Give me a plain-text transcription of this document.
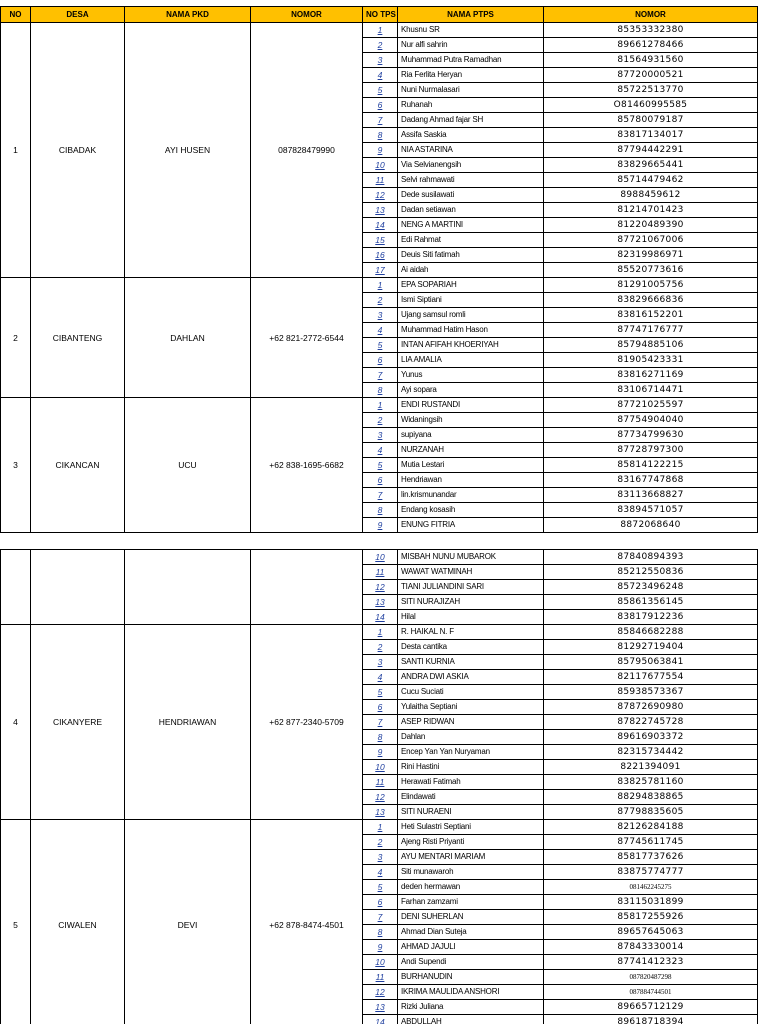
NO	DESA	NAMA PKD	NOMOR	NO TPS	NAMA PTPS	NOMOR
1	CIBADAK	AYI HUSEN	087828479990	1	Khusnu SR	85353332380
				2	Nur alfi sahrin	89661278466
				3	Muhammad Putra Ramadhan	81564931560
				4	Ria Ferlita Heryan	87720000521
				5	Nuni Nurmalasari	85722513770
				6	Ruhanah	O81460995585
				7	Dadang Ahmad fajar SH	85780079187
				8	Assifa Saskia	83817134017
				9	NIA ASTARINA	87794442291
				10	Via Selvianengsih	83829665441
				11	Selvi rahmawati	85714479462
				12	Dede susilawati	8988459612
				13	Dadan setiawan	81214701423
				14	NENG A MARTINI	81220489390
				15	Edi Rahmat	87721067006
				16	Deuis Siti fatimah	82319986971
				17	Ai aidah	85520773616
2	CIBANTENG	DAHLAN	+62 821-2772-6544	1	EPA SOPARIAH	81291005756
				2	Ismi Siptiani	83829666836
				3	Ujang samsul romli	83816152201
				4	Muhammad Hatim Hason	87747176777
				5	INTAN AFIFAH KHOERIYAH	85794885106
				6	LIA AMALIA	81905423331
				7	Yunus	83816271169
				8	Ayi sopara	83106714471
3	CIKANCAN	UCU	+62 838-1695-6682	1	ENDI RUSTANDI	87721025597
				2	Widaningsih	87754904040
				3	supiyana	87734799630
				4	NURZANAH	87728797300
				5	Mutia Lestari	85814122215
				6	Hendriawan	83167747868
				7	lin.krismunandar	83113668827
				8	Endang kosasih	83894571057
				9	ENUNG FITRIA	8872068640
				10	MISBAH NUNU MUBAROK	87840894393
				11	WAWAT WATMINAH	85212550836
				12	TIANI JULIANDINI SARI	85723496248
				13	SITI NURAJIZAH	85861356145
				14	Hilal	83817912236
4	CIKANYERE	HENDRIAWAN	+62 877-2340-5709	1	R. HAIKAL N. F	85846682288
				2	Desta cantika	81292719404
				3	SANTI KURNIA	85795063841
				4	ANDRA DWI ASKIA	82117677554
				5	Cucu Suciati	85938573367
				6	Yulaitha Septiani	87872690980
				7	ASEP RIDWAN	87822745728
				8	Dahlan	89616903372
				9	Encep Yan Yan Nuryaman	82315734442
				10	Rini Hastini	8221394091
				11	Herawati Fatimah	83825781160
				12	Elindawati	88294838865
				13	SITI NURAENI	87798835605
5	CIWALEN	DEVI	+62 878-8474-4501	1	Heti Sulastri Septiani	82126284188
				2	Ajeng Risti Priyanti	87745611745
				3	AYU MENTARI MARIAM	85817737626
				4	Siti munawaroh	83875774777
				5	deden hermawan	081462245275
				6	Farhan zamzami	83115031899
				7	DENI SUHERLAN	85817255926
				8	Ahmad Dian Suteja	89657645063
				9	AHMAD JAJULI	87843330014
				10	Andi Supendi	87741412323
				11	BURHANUDIN	087820487298
				12	IKRIMA MAULIDA ANSHORI	087884744501
				13	Rizki Juliana	89665712129
				14	ABDULLAH	89618718394
